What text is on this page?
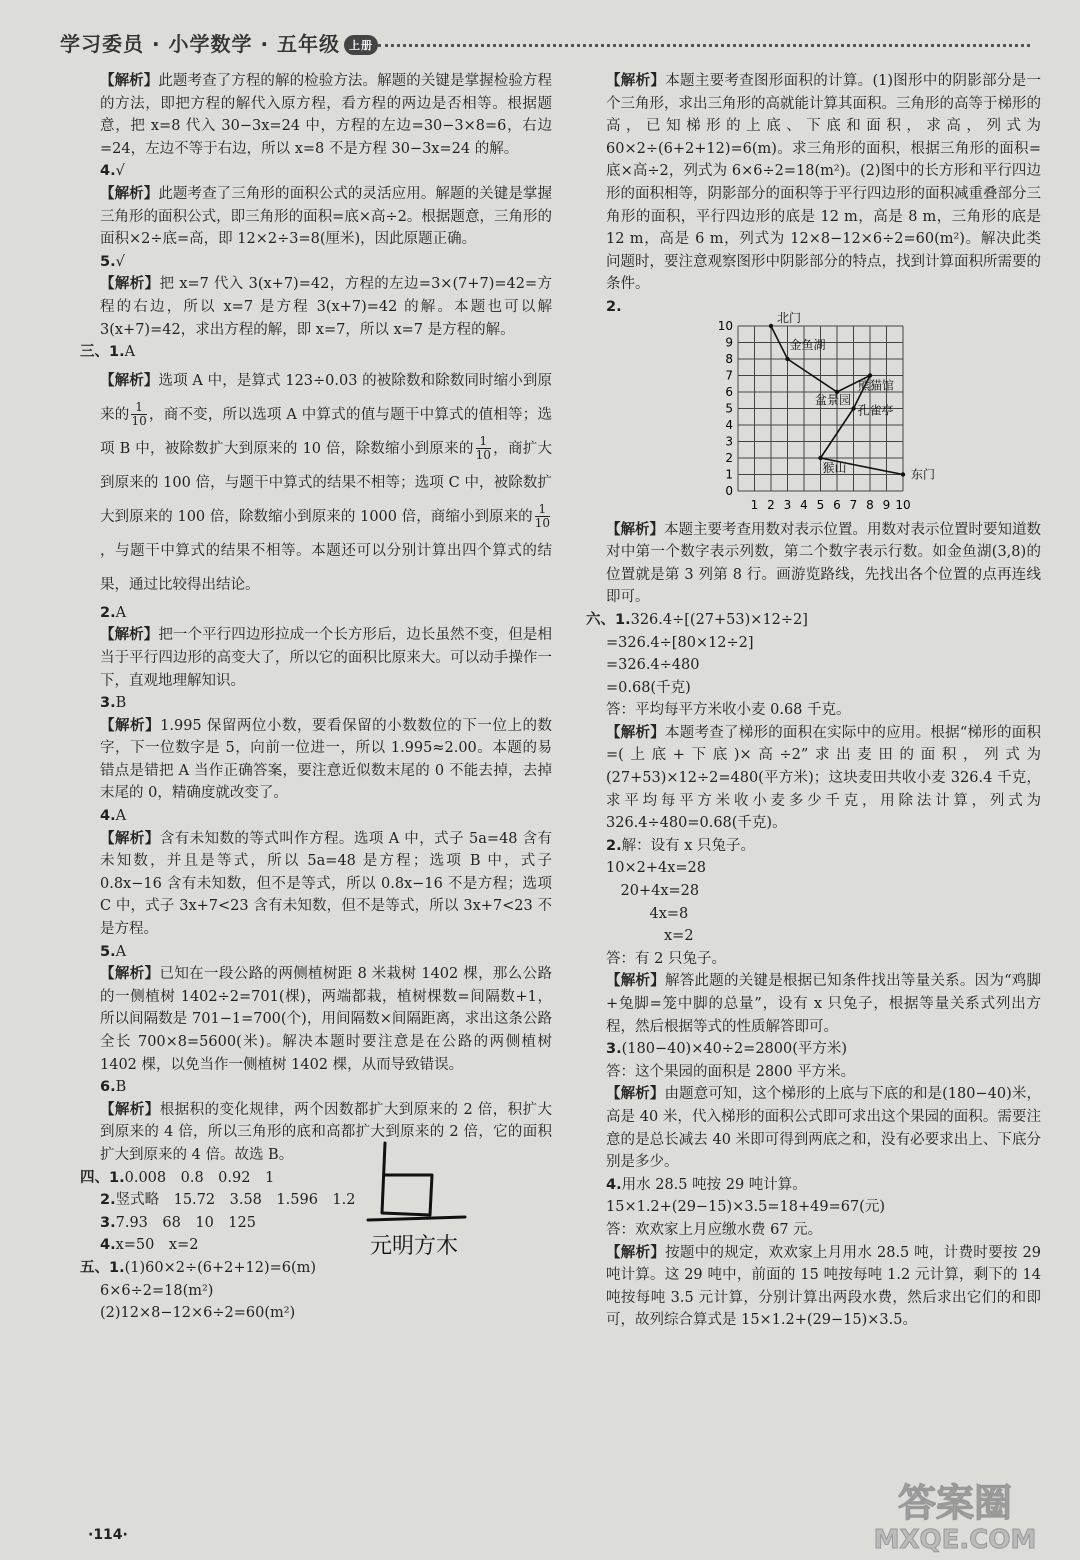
学习委员 · 小学数学 · 五年级 上册
【解析】此题考查了方程的解的检验方法。解题的关键是掌握检验方程的方法，即把方程的解代入原方程，看方程的两边是否相等。根据题意，把 x=8 代入 30−3x=24 中，方程的左边=30−3×8=6，右边=24，左边不等于右边，所以 x=8 不是方程 30−3x=24 的解。
4.√
【解析】此题考查了三角形的面积公式的灵活应用。解题的关键是掌握三角形的面积公式，即三角形的面积=底×高÷2。根据题意，三角形的面积×2÷底=高，即 12×2÷3=8(厘米)，因此原题正确。
5.√
【解析】把 x=7 代入 3(x+7)=42，方程的左边=3×(7+7)=42=方程的右边，所以 x=7 是方程 3(x+7)=42 的解。本题也可以解 3(x+7)=42，求出方程的解，即 x=7，所以 x=7 是方程的解。
三、1.A
【解析】选项 A 中，是算式 123÷0.03 的被除数和除数同时缩小到原来的 $\frac{1}{10}$ ，商不变，所以选项 A 中算式的值与题干中算式的值相等；选项 B 中，被除数扩大到原来的 10 倍，除数缩小到原来的 $\frac{1}{10}$ ，商扩大到原来的 100 倍，与题干中算式的结果不相等；选项 C 中，被除数扩大到原来的 100 倍，除数缩小到原来的 1000 倍，商缩小到原来的 $\frac{1}{10}$
，与题干中算式的结果不相等。本题还可以分别计算出四个算式的结果，通过比较得出结论。
2.A
【解析】把一个平行四边形拉成一个长方形后，边长虽然不变，但是相当于平行四边形的高变大了，所以它的面积比原来大。可以动手操作一下，直观地理解知识。
3.B
【解析】1.995 保留两位小数，要看保留的小数数位的下一位上的数字，下一位数字是 5，向前一位进一，所以 1.995≈2.00。本题的易错点是错把 A 当作正确答案，要注意近似数末尾的 0 不能去掉，去掉末尾的 0，精确度就改变了。
4.A
【解析】含有未知数的等式叫作方程。选项 A 中，式子 5a=48 含有未知数，并且是等式，所以 5a=48 是方程；选项 B 中，式子 0.8x−16 含有未知数，但不是等式，所以 0.8x−16 不是方程；选项 C 中，式子 3x+7<23 含有未知数，但不是等式，所以 3x+7<23 不是方程。
5.A
【解析】已知在一段公路的两侧植树距 8 米栽树 1402 棵，那么公路的一侧植树 1402÷2=701(棵)，两端都栽，植树棵数=间隔数+1，所以间隔数是 701−1=700(个)，用间隔数×间隔距离，求出这条公路全长 700×8=5600(米)。解决本题时要注意是在公路的两侧植树 1402 棵，以免当作一侧植树 1402 棵，从而导致错误。
6.B
【解析】根据积的变化规律，两个因数都扩大到原来的 2 倍，积扩大到原来的 4 倍，所以三角形的底和高都扩大到原来的 2 倍，它的面积扩大到原来的 4 倍。故选 B。
四、1.0.008　0.8　0.92　1
2.竖式略　15.72　3.58　1.596　1.2
3.7.93　68　10　125
4.x=50　x=2
五、1.(1)60×2÷(6+2+12)=6(m)
6×6÷2=18(m²)
(2)12×8−12×6÷2=60(m²)
【解析】本题主要考查图形面积的计算。(1)图形中的阴影部分是一个三角形，求出三角形的高就能计算其面积。三角形的高等于梯形的高，已知梯形的上底、下底和面积，求高，列式为 60×2÷(6+2+12)=6(m)。求三角形的面积，根据三角形的面积=底×高÷2，列式为 6×6÷2=18(m²)。(2)图中的长方形和平行四边形的面积相等，阴影部分的面积等于平行四边形的面积减重叠部分三角形的面积，平行四边形的底是 12 m，高是 8 m，三角形的底是 12 m，高是 6 m，列式为 12×8−12×6÷2=60(m²)。解决此类问题时，要注意观察图形中阴影部分的特点，找到计算面积所需要的条件。
2.
1 2 3 4 5 6 7 8 9 10
0
1
2
3
4
5
6
7
8
9
10
北门
金鱼湖
盆景园
熊猫馆
孔雀亭
猴山	东门
【解析】本题主要考查用数对表示位置。用数对表示位置时要知道数对中第一个数字表示列数，第二个数字表示行数。如金鱼湖(3,8)的位置就是第 3 列第 8 行。画游览路线，先找出各个位置的点再连线即可。
六、1.326.4÷[(27+53)×12÷2]
=326.4÷[80×12÷2]
=326.4÷480
=0.68(千克)
答：平均每平方米收小麦 0.68 千克。
【解析】本题考查了梯形的面积在实际中的应用。根据“梯形的面积=(上底+下底)×高÷2”求出麦田的面积，列式为(27+53)×12÷2=480(平方米)；这块麦田共收小麦 326.4 千克，求平均每平方米收小麦多少千克，用除法计算，列式为 326.4÷480=0.68(千克)。
2.解：设有 x 只兔子。
10×2+4x=28
　20+4x=28
　　　4x=8
　　　　x=2
答：有 2 只兔子。
【解析】解答此题的关键是根据已知条件找出等量关系。因为“鸡脚+兔脚=笼中脚的总量”，设有 x 只兔子，根据等量关系式列出方程，然后根据等式的性质解答即可。
3.(180−40)×40÷2=2800(平方米)
答：这个果园的面积是 2800 平方米。
【解析】由题意可知，这个梯形的上底与下底的和是(180−40)米，高是 40 米，代入梯形的面积公式即可求出这个果园的面积。需要注意的是总长减去 40 米即可得到两底之和，没有必要求出上、下底分别是多少。
4.用水 28.5 吨按 29 吨计算。
15×1.2+(29−15)×3.5=18+49=67(元)
答：欢欢家上月应缴水费 67 元。
【解析】按题中的规定，欢欢家上月用水 28.5 吨，计费时要按 29 吨计算。这 29 吨中，前面的 15 吨按每吨 1.2 元计算，剩下的 14 吨按每吨 3.5 元计算，分别计算出两段水费，然后求出它们的和即可，故列综合算式是 15×1.2+(29−15)×3.5。
元明方木
·114·
答案圈
MXQE.COM
